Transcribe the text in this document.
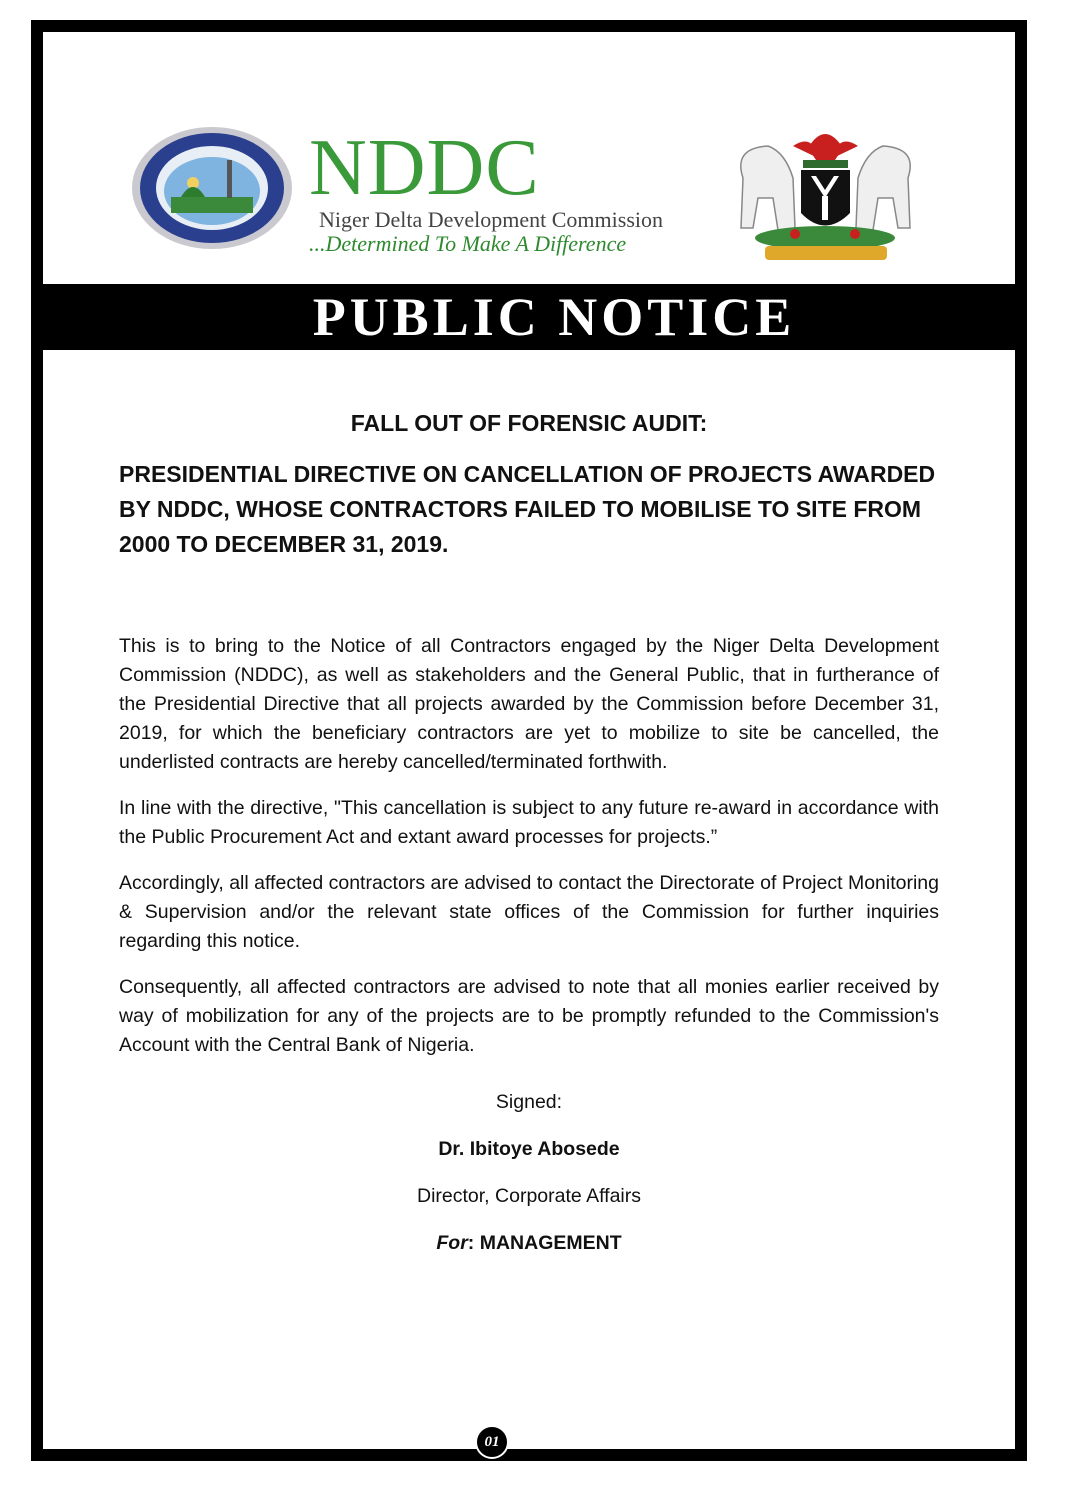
NDDC
Niger Delta Development Commission
...Determined To Make A Difference
PUBLIC NOTICE

FALL OUT OF FORENSIC AUDIT:

PRESIDENTIAL DIRECTIVE ON CANCELLATION OF PROJECTS AWARDED BY NDDC, WHOSE CONTRACTORS FAILED TO MOBILISE TO SITE FROM 2000 TO DECEMBER 31, 2019.

This is to bring to the Notice of all Contractors engaged by the Niger Delta Development Commission (NDDC), as well as stakeholders and the General Public, that in furtherance of the Presidential Directive that all projects awarded by the Commission before December 31, 2019, for which the beneficiary contractors are yet to mobilize to site be cancelled, the underlisted contracts are hereby cancelled/terminated forthwith.

In line with the directive, "This cancellation is subject to any future re-award in accordance with the Public Procurement Act and extant award processes for projects.”

Accordingly, all affected contractors are advised to contact the Directorate of Project Monitoring & Supervision and/or the relevant state offices of the Commission for further inquiries regarding this notice.

Consequently, all affected contractors are advised to note that all monies earlier received by way of mobilization for any of the projects are to be promptly refunded to the Commission's Account with the Central Bank of Nigeria.

Signed:
Dr. Ibitoye Abosede
Director, Corporate Affairs
For: MANAGEMENT
01
